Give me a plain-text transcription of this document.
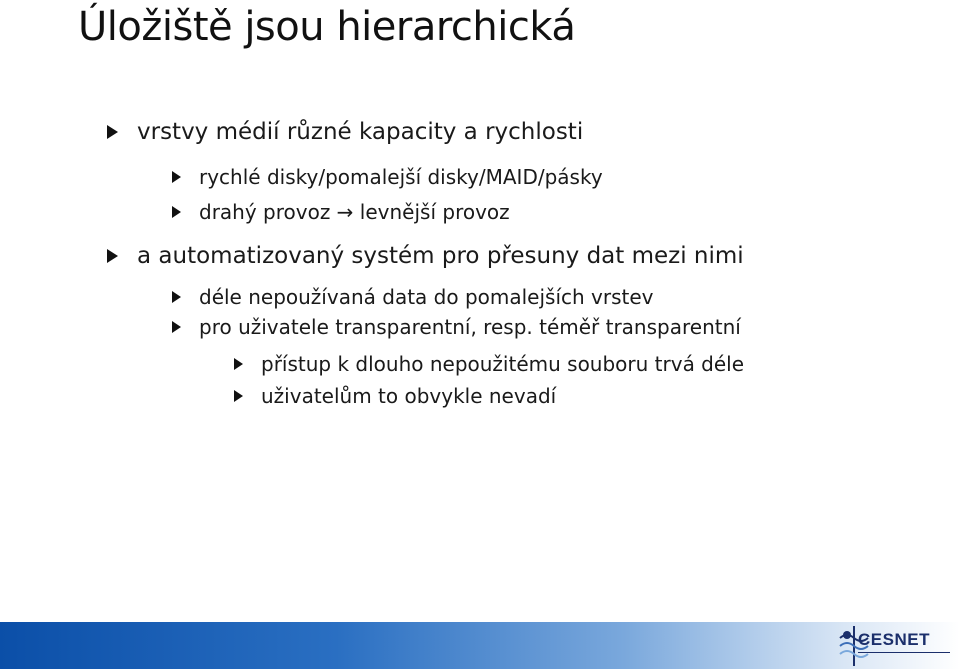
Úložiště jsou hierarchická
vrstvy médií různé kapacity a rychlosti
rychlé disky/pomalejší disky/MAID/pásky
drahý provoz → levnější provoz
a automatizovaný systém pro přesuny dat mezi nimi
déle nepoužívaná data do pomalejších vrstev
pro uživatele transparentní, resp. téměř transparentní
přístup k dlouho nepoužitému souboru trvá déle
uživatelům to obvykle nevadí
CESNET
